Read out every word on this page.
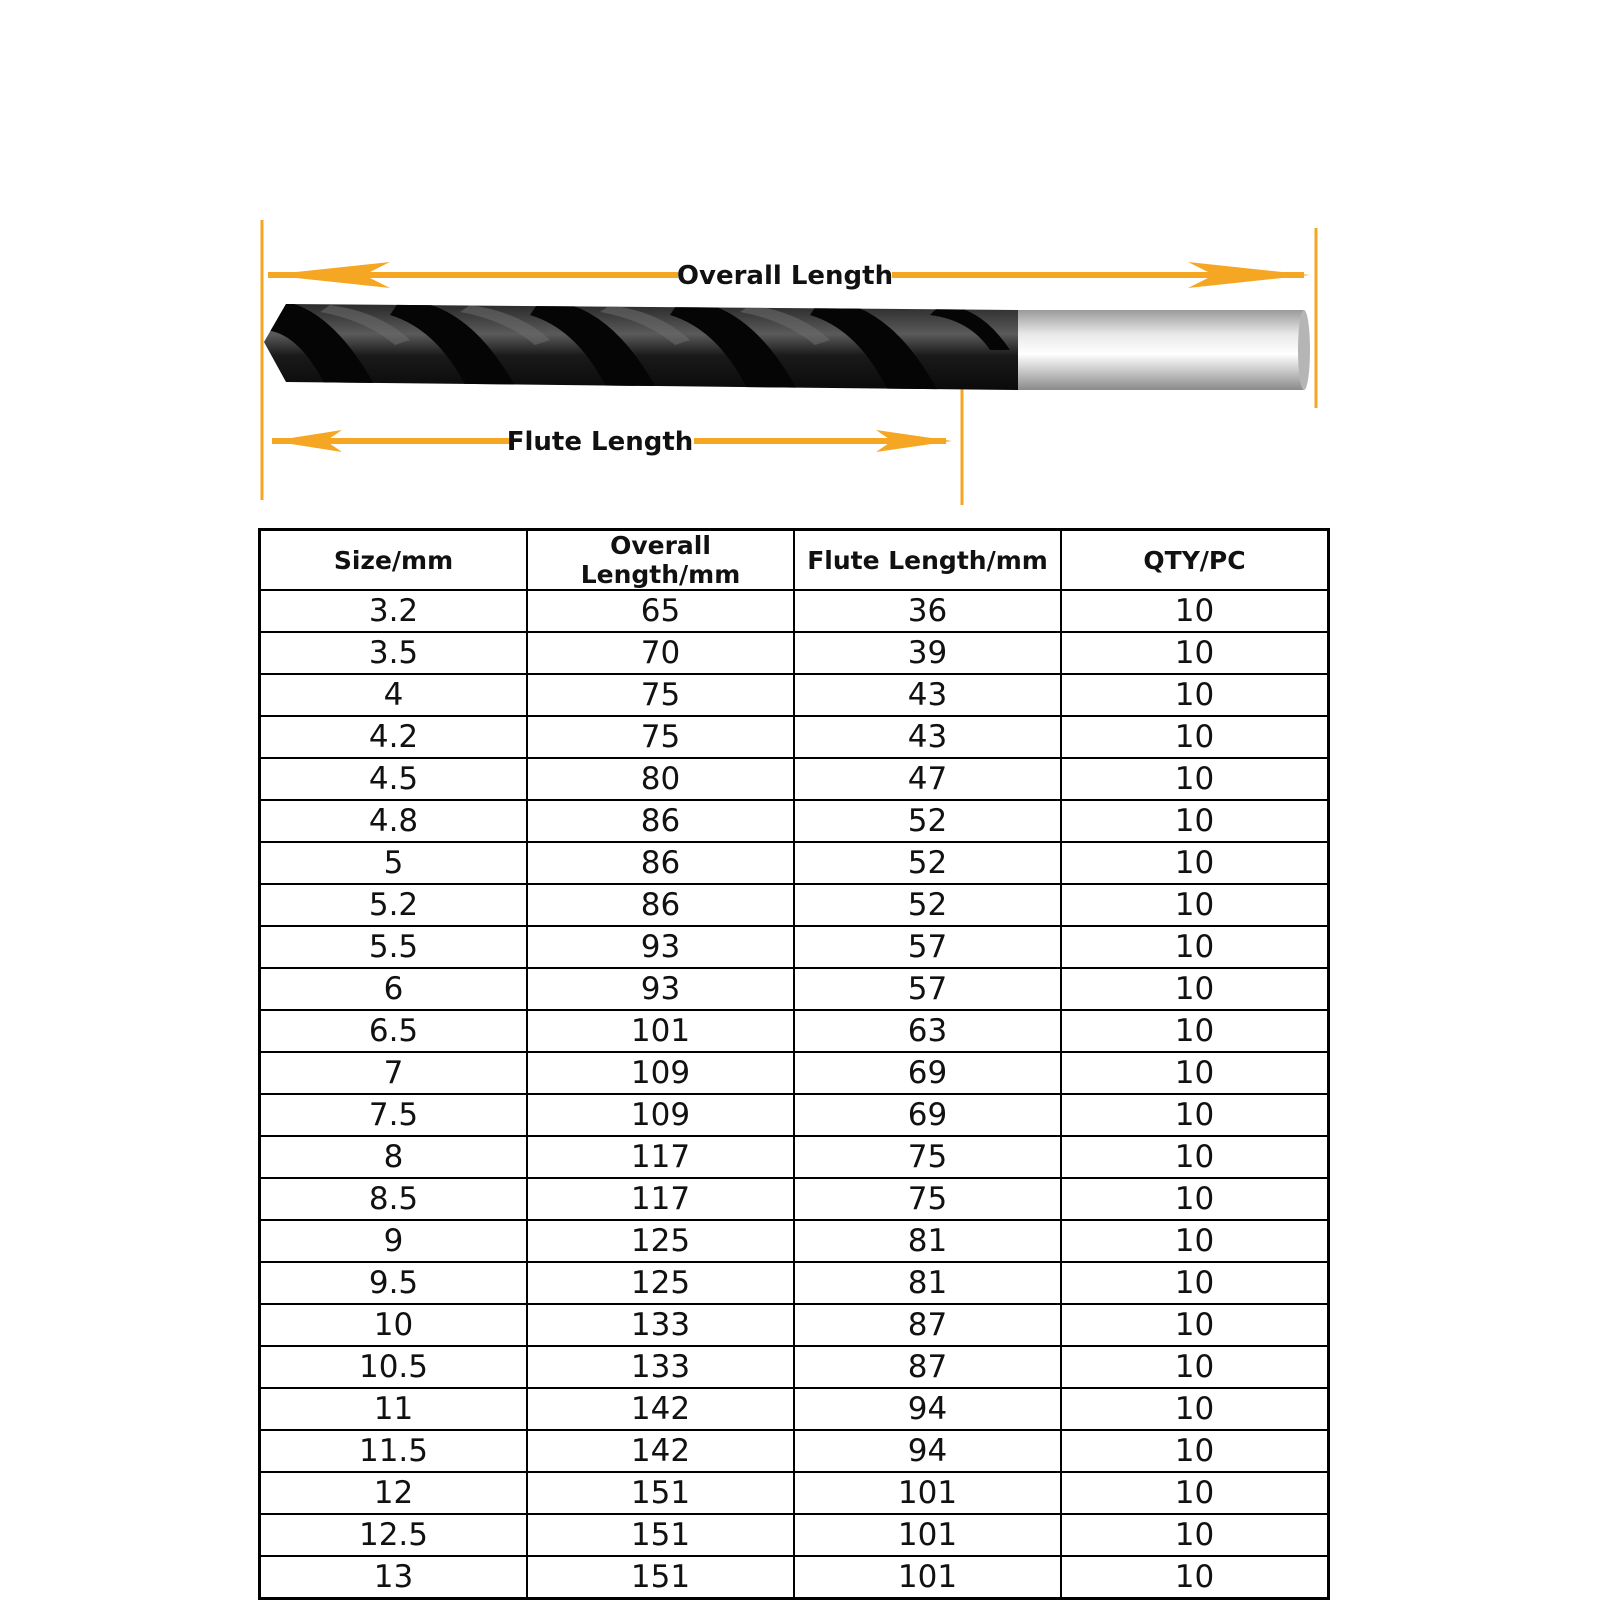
Overall Length
Flute Length
Size/mm	Overall Length/mm	Flute Length/mm	QTY/PC
3.2	65	36	10
3.5	70	39	10
4	75	43	10
4.2	75	43	10
4.5	80	47	10
4.8	86	52	10
5	86	52	10
5.2	86	52	10
5.5	93	57	10
6	93	57	10
6.5	101	63	10
7	109	69	10
7.5	109	69	10
8	117	75	10
8.5	117	75	10
9	125	81	10
9.5	125	81	10
10	133	87	10
10.5	133	87	10
11	142	94	10
11.5	142	94	10
12	151	101	10
12.5	151	101	10
13	151	101	10
